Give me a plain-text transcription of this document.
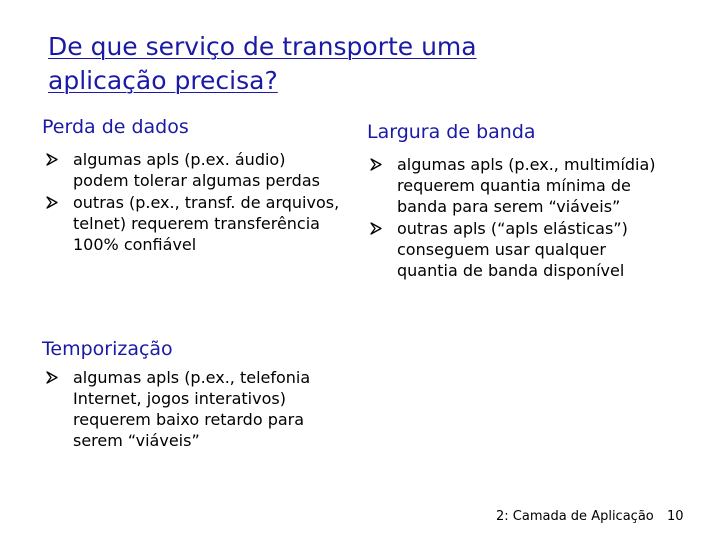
De que serviço de transporte uma
aplicação precisa?
Perda de dados
algumas apls (p.ex. áudio) podem tolerar algumas perdas
outras (p.ex., transf. de arquivos, telnet) requerem transferência 100% confiável
Largura de banda
algumas apls (p.ex., multimídia) requerem quantia mínima de banda para serem “viáveis”
outras apls (“apls elásticas”) conseguem usar qualquer quantia de banda disponível
Temporização
algumas apls (p.ex., telefonia Internet, jogos interativos) requerem baixo retardo para serem “viáveis”
2: Camada de Aplicação 10
